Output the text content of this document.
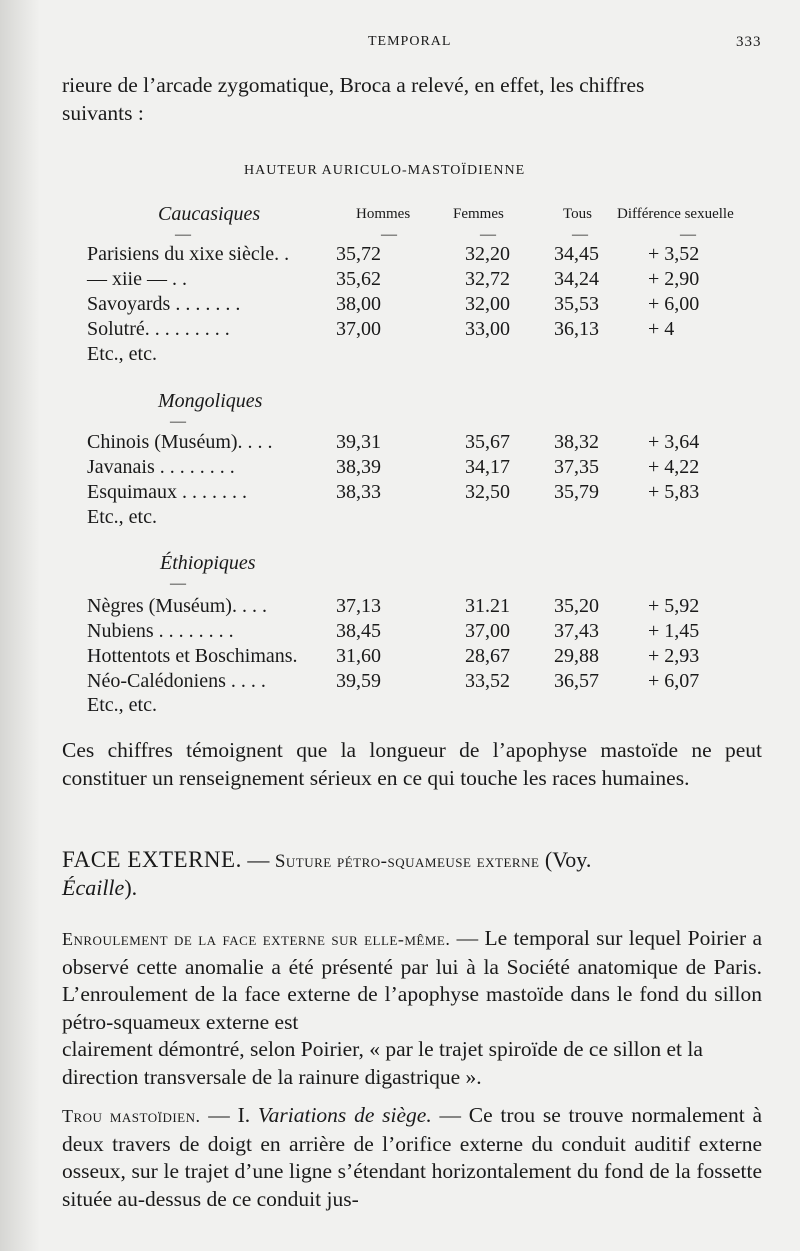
TEMPORAL	333
rieure de l’arcade zygomatique, Broca a relevé, en effet, les chiffres
suivants :
HAUTEUR AURICULO-MASTOÏDIENNE
Hommes	Femmes	Tous Différence sexuelle
Caucasiques
—	—	—	—	—
Parisiens du xixe siècle. . 35,72	32,20 34,45 + 3,52
— xiie — . .	35,62	32,72 34,24 + 2,90
Savoyards . . . . . . .	38,00	32,00 35,53 + 6,00
Solutré. . . . . . . . .	37,00	33,00 36,13 + 4
Etc., etc.
Mongoliques
—
Chinois (Muséum). . . .	39,31	35,67 38,32 + 3,64
Javanais . . . . . . . .	38,39	34,17 37,35 + 4,22
Esquimaux . . . . . . .	38,33	32,50 35,79 + 5,83
Etc., etc.
Éthiopiques
—
Nègres (Muséum). . . .	37,13	31.21 35,20 + 5,92
Nubiens . . . . . . . .	38,45	37,00 37,43 + 1,45
Hottentots et Boschimans. 31,60	28,67 29,88 + 2,93
Néo-Calédoniens . . . .	39,59	33,52 36,57 + 6,07
Etc., etc.

Ces chiffres témoignent que la longueur de l’apophyse mastoïde ne peut constituer un renseignement sérieux en ce qui touche les races humaines.

FACE EXTERNE. — Suture pétro-squameuse externe (Voy.
Écaille).

Enroulement de la face externe sur elle-même. — Le temporal sur lequel Poirier a observé cette anomalie a été présenté par lui à la Société anatomique de Paris. L’enroulement de la face externe de l’apophyse mastoïde dans le fond du sillon pétro-squameux externe est
clairement démontré, selon Poirier, « par le trajet spiroïde de ce sillon et la direction transversale de la rainure digastrique ».

Trou mastoïdien. — I. Variations de siège. — Ce trou se trouve normalement à deux travers de doigt en arrière de l’orifice externe du conduit auditif externe osseux, sur le trajet d’une ligne s’étendant horizontalement du fond de la fossette située au-dessus de ce conduit jus-
